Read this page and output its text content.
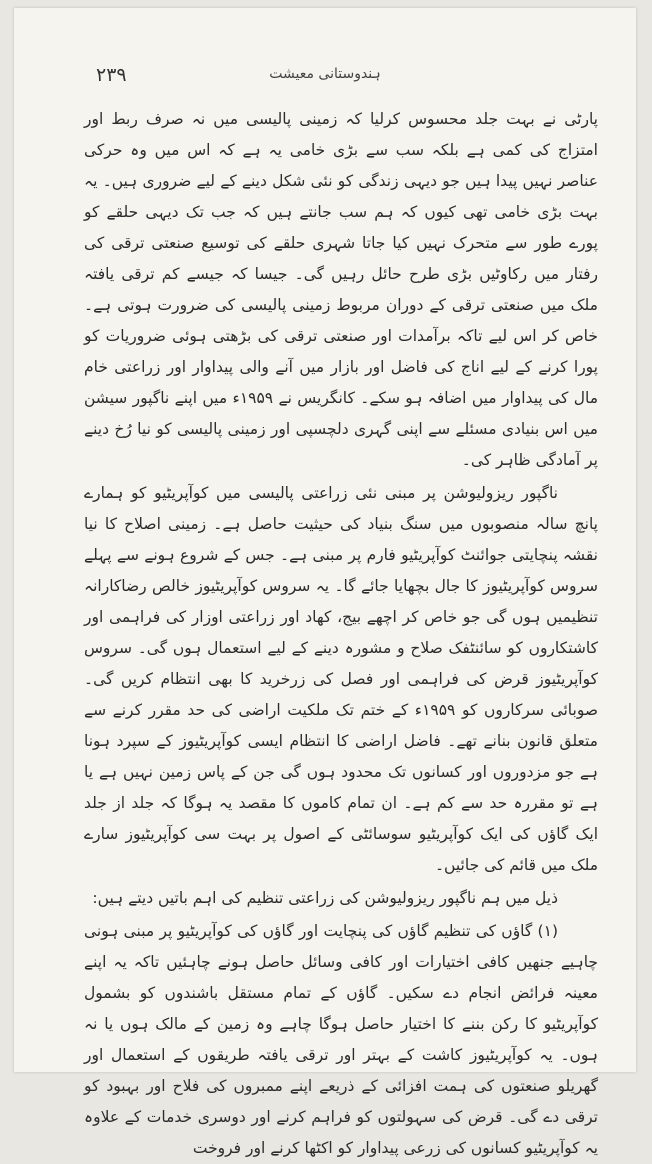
۲۳۹	ہندوستانی معیشت

پارٹی نے بہت جلد محسوس کرلیا کہ زمینی پالیسی میں نہ صرف ربط اور امتزاج کی کمی ہے بلکہ سب سے بڑی خامی یہ ہے کہ اس میں وہ حرکی عناصر نہیں پیدا ہیں جو دیہی زندگی کو نئی شکل دینے کے لیے ضروری ہیں۔ یہ بہت بڑی خامی تھی کیوں کہ ہم سب جانتے ہیں کہ جب تک دیہی حلقے کو پورے طور سے متحرک نہیں کیا جاتا شہری حلقے کی توسیع صنعتی ترقی کی رفتار میں رکاوٹیں بڑی طرح حائل رہیں گی۔ جیسا کہ جیسے کم ترقی یافتہ ملک میں صنعتی ترقی کے دوران مربوط زمینی پالیسی کی ضرورت ہوتی ہے۔ خاص کر اس لیے تاکہ برآمدات اور صنعتی ترقی کی بڑھتی ہوئی ضروریات کو پورا کرنے کے لیے اناج کی فاضل اور بازار میں آنے والی پیداوار اور زراعتی خام مال کی پیداوار میں اضافہ ہو سکے۔ کانگریس نے ۱۹۵۹ء میں اپنے ناگپور سیشن میں اس بنیادی مسئلے سے اپنی گہری دلچسپی اور زمینی پالیسی کو نیا رُخ دینے پر آمادگی ظاہر کی۔

ناگپور ریزولیوشن پر مبنی نئی زراعتی پالیسی میں کوآپریٹیو کو ہمارے پانچ سالہ منصوبوں میں سنگ بنیاد کی حیثیت حاصل ہے۔ زمینی اصلاح کا نیا نقشہ پنچایتی جوائنٹ کوآپریٹیو فارم پر مبنی ہے۔ جس کے شروع ہونے سے پہلے سروس کوآپریٹیوز کا جال بچھایا جائے گا۔ یہ سروس کوآپریٹیوز خالص رضاکارانہ تنظیمیں ہوں گی جو خاص کر اچھے بیج، کھاد اور زراعتی اوزار کی فراہمی اور کاشتکاروں کو سائنٹفک صلاح و مشورہ دینے کے لیے استعمال ہوں گی۔ سروس کوآپریٹیوز قرض کی فراہمی اور فصل کی زرخرید کا بھی انتظام کریں گی۔ صوبائی سرکاروں کو ۱۹۵۹ء کے ختم تک ملکیت اراضی کی حد مقرر کرنے سے متعلق قانون بنانے تھے۔ فاضل اراضی کا انتظام ایسی کوآپریٹیوز کے سپرد ہونا ہے جو مزدوروں اور کسانوں تک محدود ہوں گی جن کے پاس زمین نہیں ہے یا ہے تو مقررہ حد سے کم ہے۔ ان تمام کاموں کا مقصد یہ ہوگا کہ جلد از جلد ایک گاؤں کی ایک کوآپریٹیو سوسائٹی کے اصول پر بہت سی کوآپریٹیوز سارے ملک میں قائم کی جائیں۔

ذیل میں ہم ناگپور ریزولیوشن کی زراعتی تنظیم کی اہم باتیں دیتے ہیں:

(۱) گاؤں کی تنظیم گاؤں کی پنچایت اور گاؤں کی کوآپریٹیو پر مبنی ہونی چاہیے جنھیں کافی اختیارات اور کافی وسائل حاصل ہونے چاہئیں تاکہ یہ اپنے معینہ فرائض انجام دے سکیں۔ گاؤں کے تمام مستقل باشندوں کو بشمول کوآپریٹیو کا رکن بننے کا اختیار حاصل ہوگا چاہے وہ زمین کے مالک ہوں یا نہ ہوں۔ یہ کوآپریٹیوز کاشت کے بہتر اور ترقی یافتہ طریقوں کے استعمال اور گھریلو صنعتوں کی ہمت افزائی کے ذریعے اپنے ممبروں کی فلاح اور بہبود کو ترقی دے گی۔ قرض کی سہولتوں کو فراہم کرنے اور دوسری خدمات کے علاوہ یہ کوآپریٹیو کسانوں کی زرعی پیداوار کو اکٹھا کرنے اور فروخت
